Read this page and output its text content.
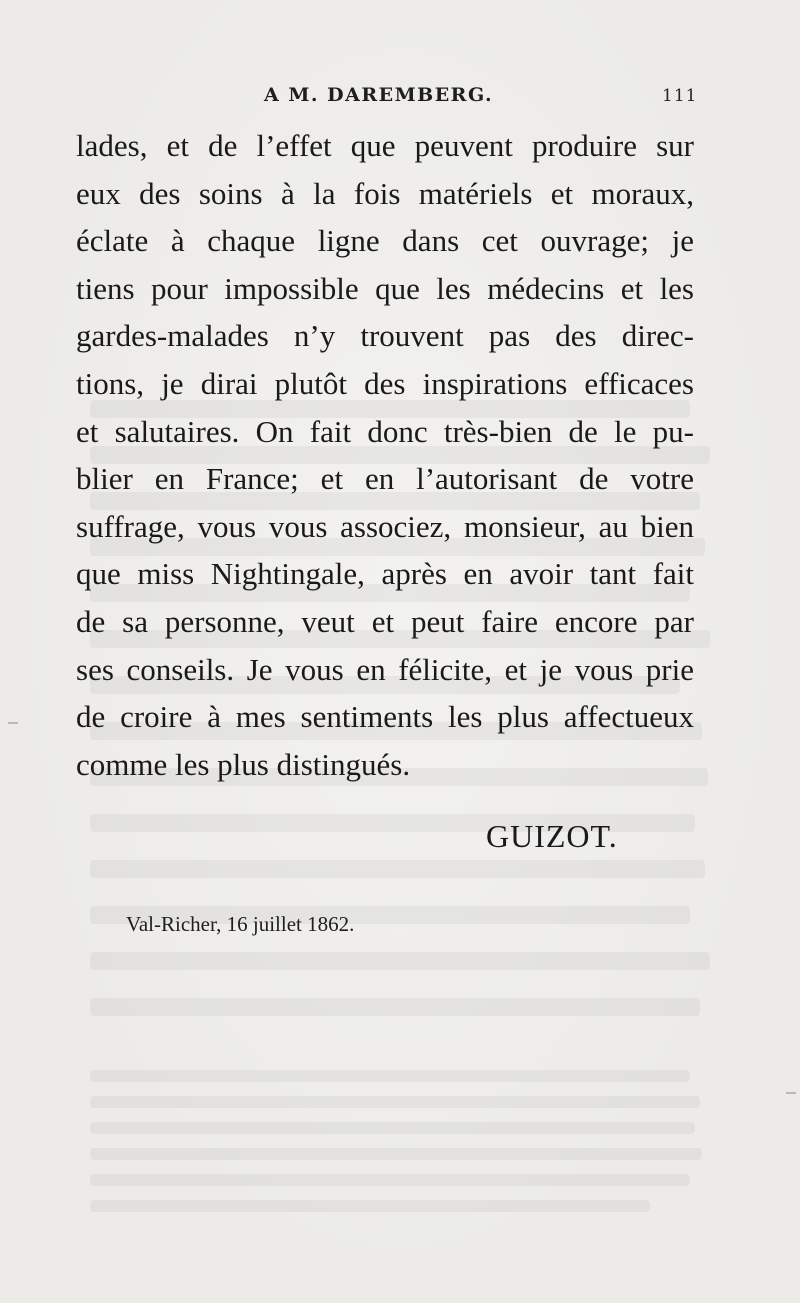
A M. DAREMBERG.	111
lades, et de l’effet que peuvent produire sur
eux des soins à la fois matériels et moraux,
éclate à chaque ligne dans cet ouvrage; je
tiens pour impossible que les médecins et les
gardes-malades n’y trouvent pas des direc-
tions, je dirai plutôt des inspirations efficaces
et salutaires. On fait donc très-bien de le pu-
blier en France; et en l’autorisant de votre
suffrage, vous vous associez, monsieur, au bien
que miss Nightingale, après en avoir tant fait
de sa personne, veut et peut faire encore par
ses conseils. Je vous en félicite, et je vous prie
de croire à mes sentiments les plus affectueux
comme les plus distingués.
GUIZOT.
Val-Richer, 16 juillet 1862.
